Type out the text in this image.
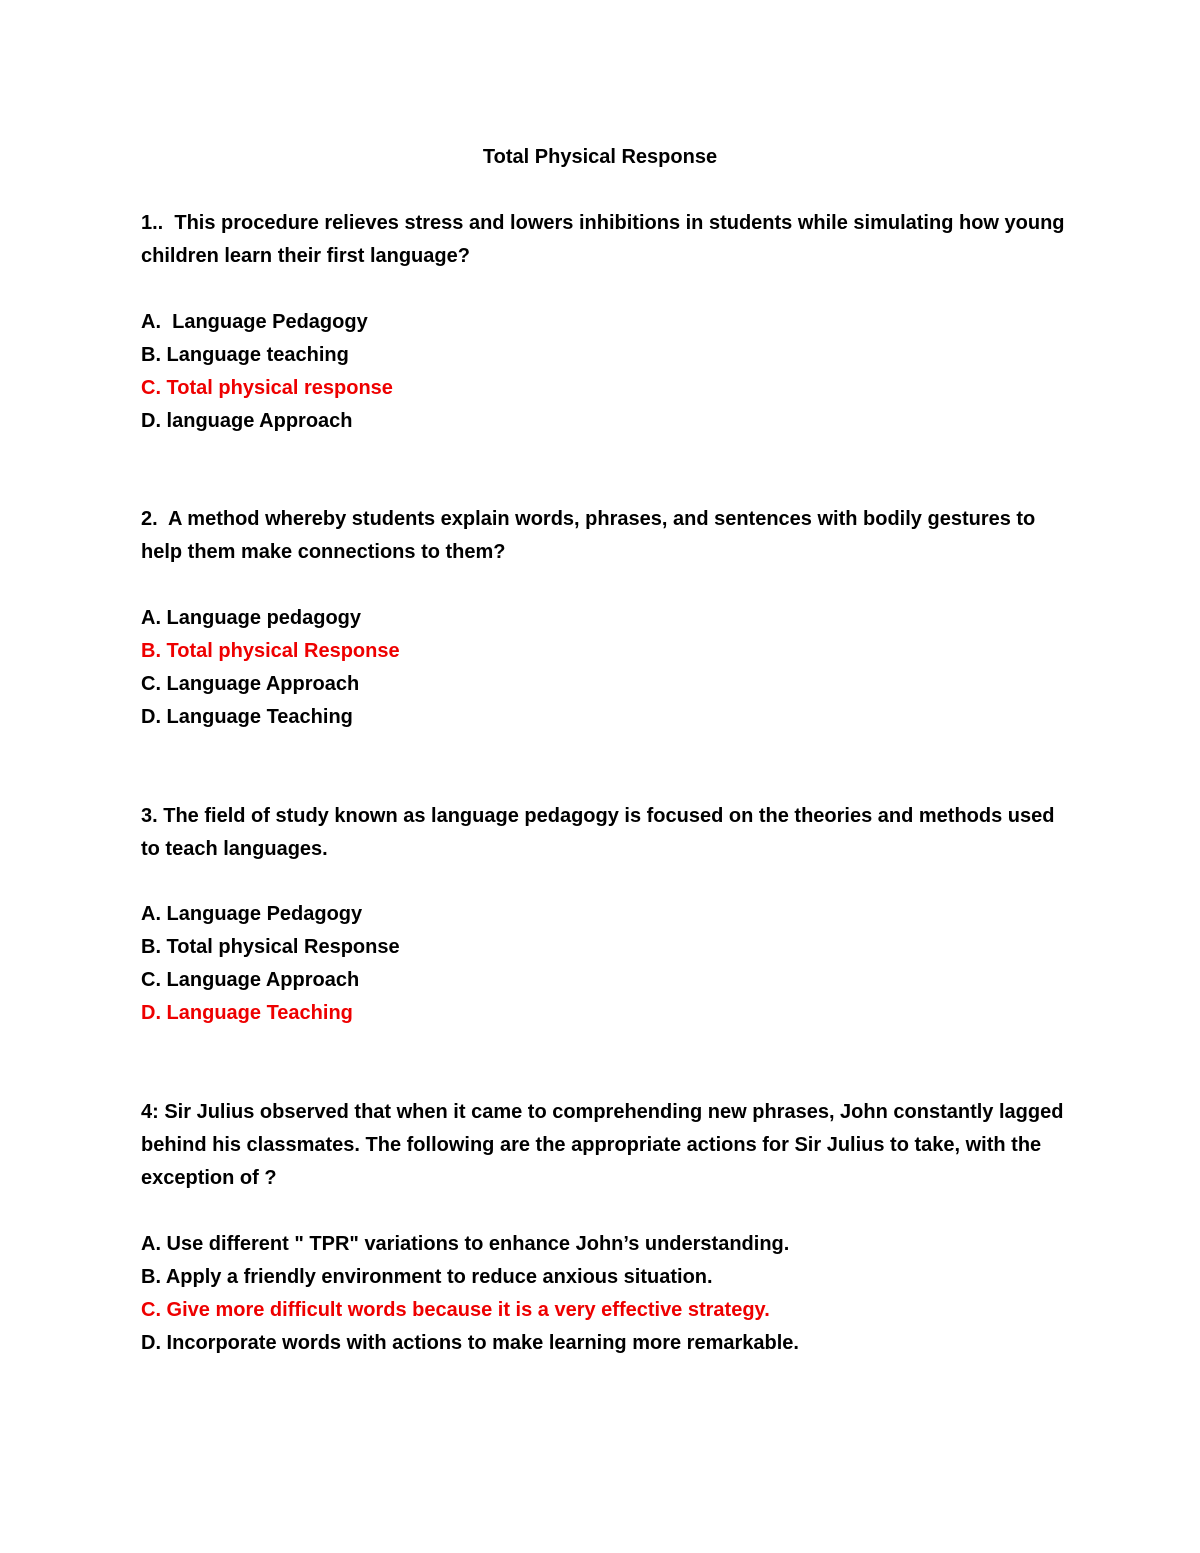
Total Physical Response
1..  This procedure relieves stress and lowers inhibitions in students while simulating how young
children learn their first language?
A.  Language Pedagogy
B. Language teaching
C. Total physical response
D. language Approach
2.  A method whereby students explain words, phrases, and sentences with bodily gestures to
help them make connections to them?
A. Language pedagogy
B. Total physical Response
C. Language Approach
D. Language Teaching
3. The field of study known as language pedagogy is focused on the theories and methods used
to teach languages.
A. Language Pedagogy
B. Total physical Response
C. Language Approach
D. Language Teaching
4: Sir Julius observed that when it came to comprehending new phrases, John constantly lagged
behind his classmates. The following are the appropriate actions for Sir Julius to take, with the
exception of ?
A. Use different " TPR" variations to enhance John’s understanding.
B. Apply a friendly environment to reduce anxious situation.
C. Give more difficult words because it is a very effective strategy.
D. Incorporate words with actions to make learning more remarkable.
